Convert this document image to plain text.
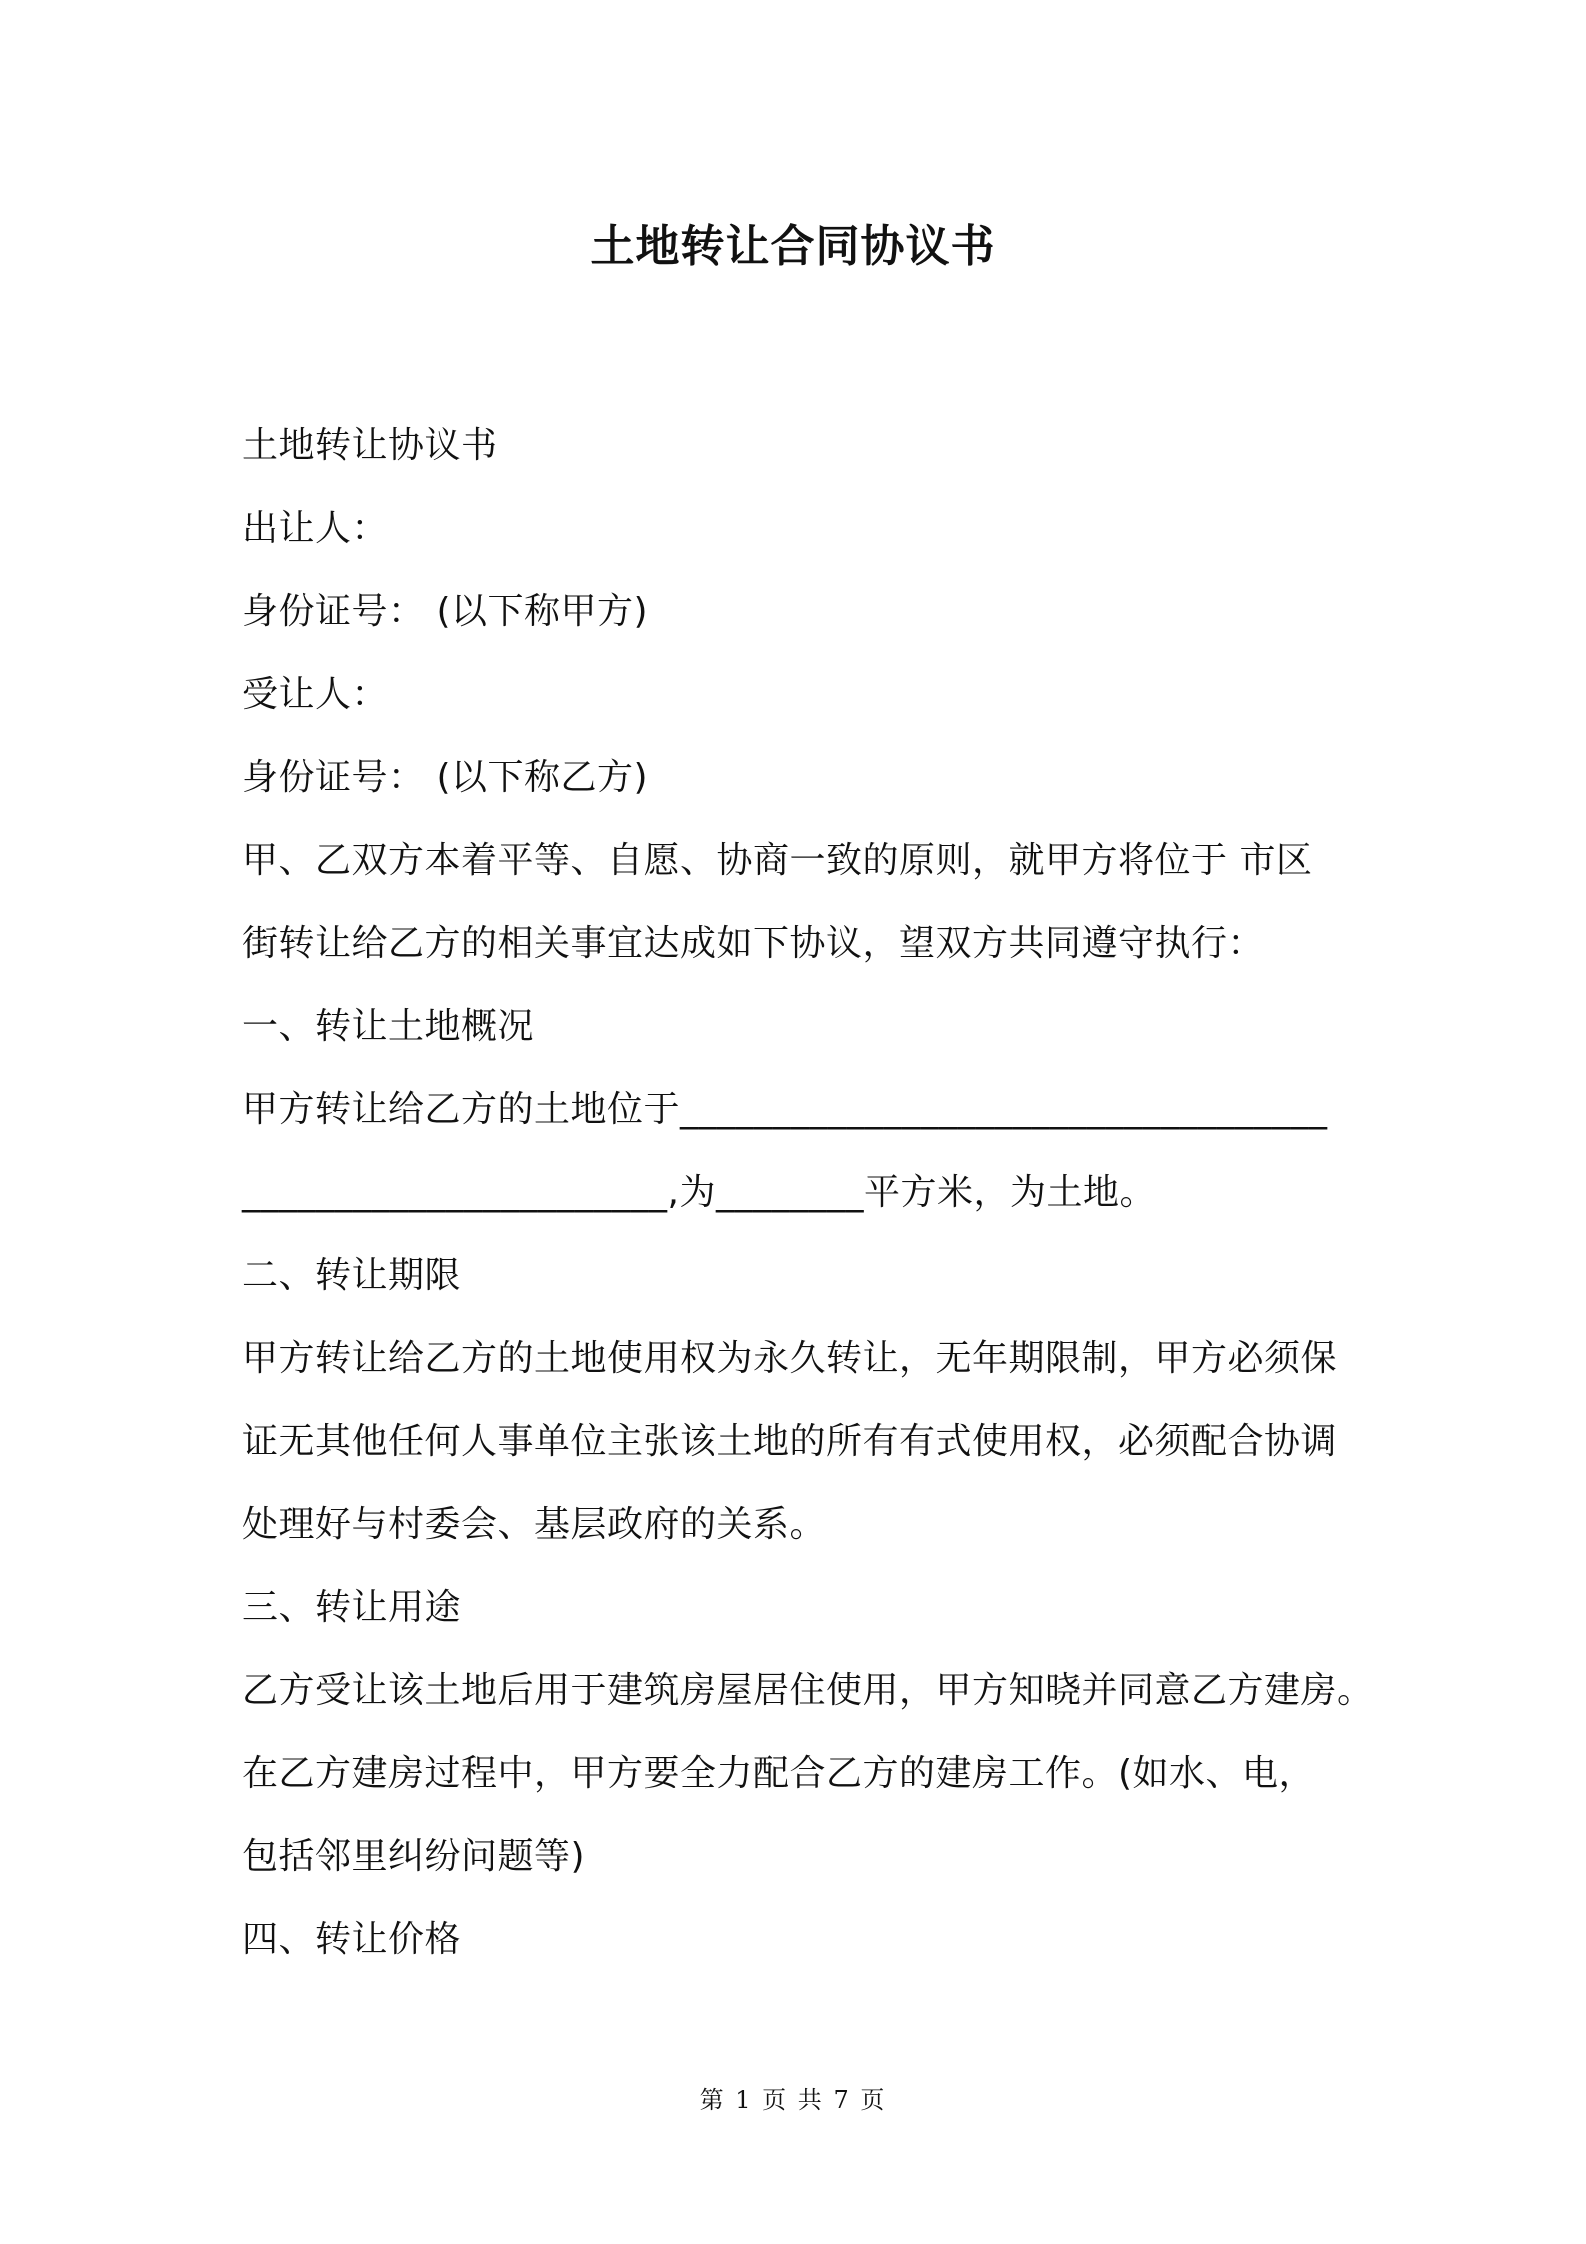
土地转让合同协议书
土地转让协议书
出让人：
身份证号： (以下称甲方)
受让人：
身份证号： (以下称乙方)
甲、乙双方本着平等、自愿、协商一致的原则，就甲方将位于 市区
街转让给乙方的相关事宜达成如下协议，望双方共同遵守执行：
一、转让土地概况
甲方转让给乙方的土地位于___________________________________
_______________________,为________平方米，为土地。
二、转让期限
甲方转让给乙方的土地使用权为永久转让，无年期限制，甲方必须保
证无其他任何人事单位主张该土地的所有有式使用权，必须配合协调
处理好与村委会、基层政府的关系。
三、转让用途
乙方受让该土地后用于建筑房屋居住使用，甲方知晓并同意乙方建房。
在乙方建房过程中，甲方要全力配合乙方的建房工作。(如水、电，
包括邻里纠纷问题等)
四、转让价格
第 1 页 共 7 页
